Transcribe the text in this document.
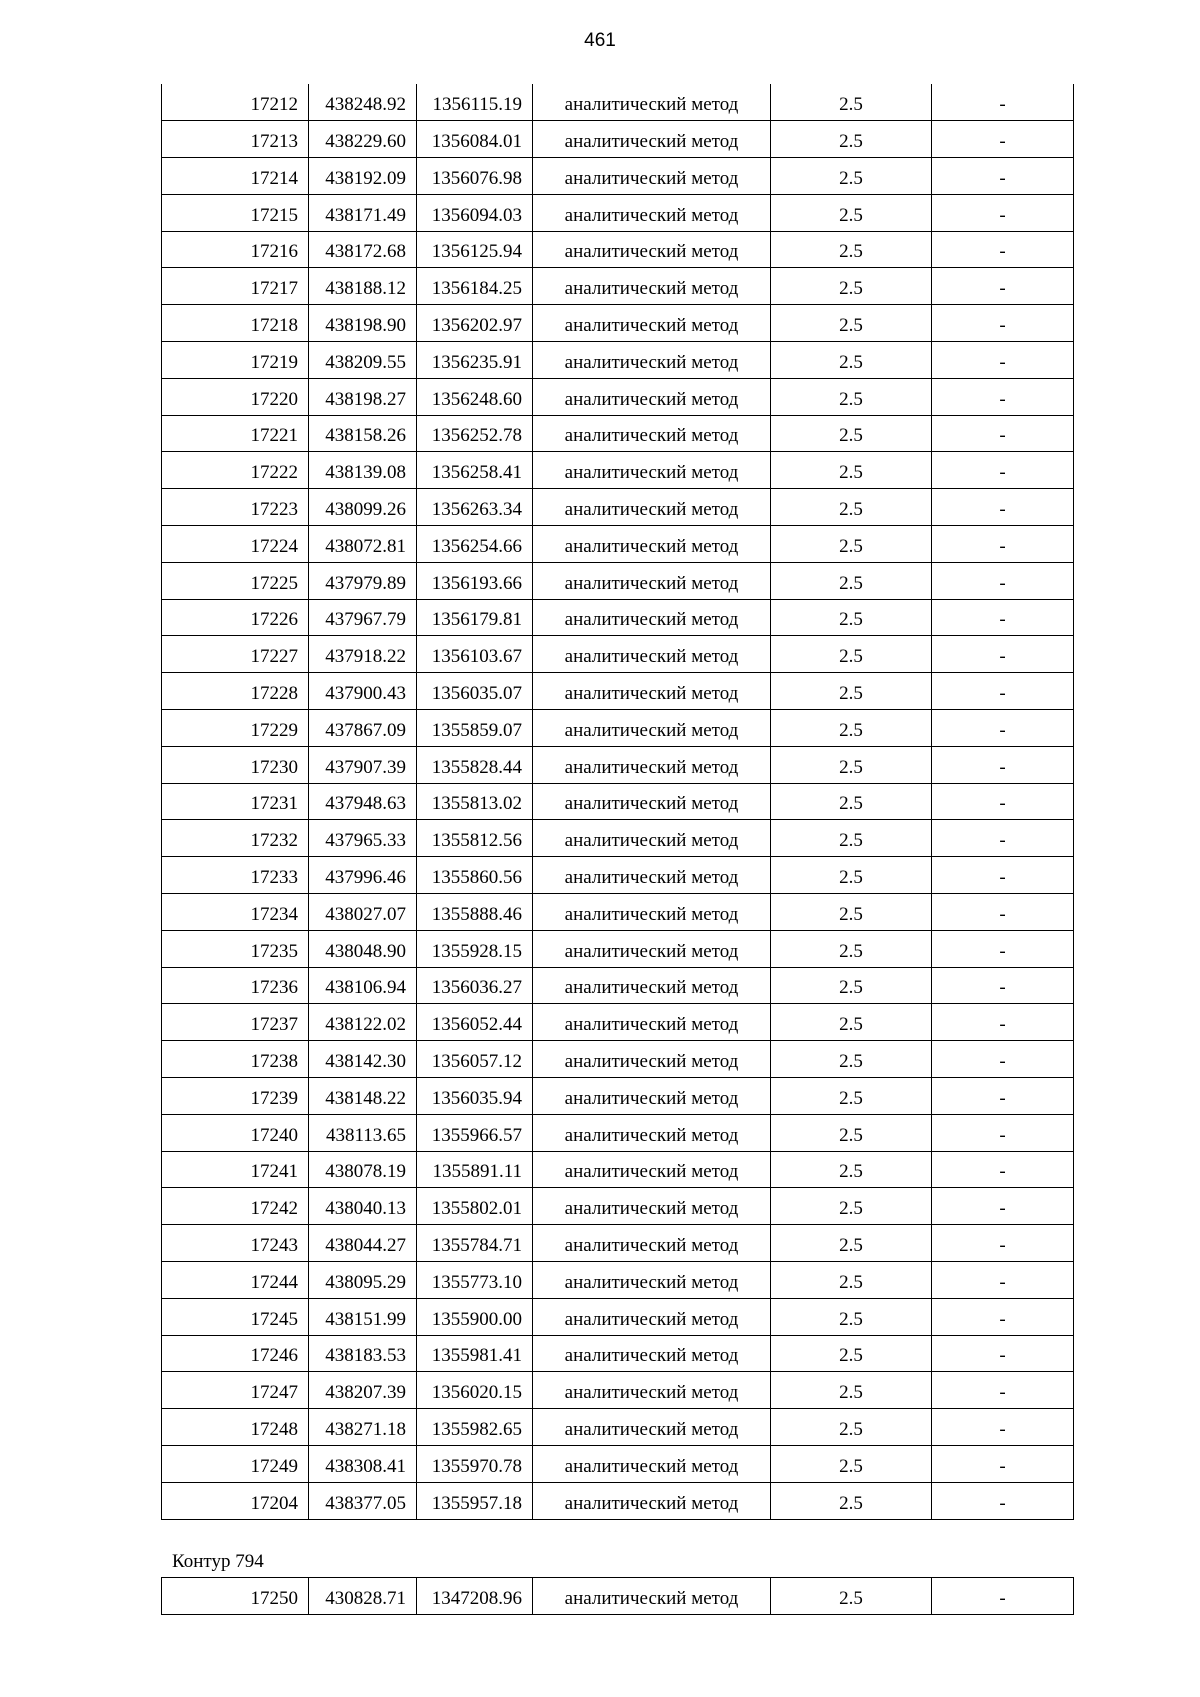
461
17212	438248.92	1356115.19	аналитический метод	2.5	-
17213	438229.60	1356084.01	аналитический метод	2.5	-
17214	438192.09	1356076.98	аналитический метод	2.5	-
17215	438171.49	1356094.03	аналитический метод	2.5	-
17216	438172.68	1356125.94	аналитический метод	2.5	-
17217	438188.12	1356184.25	аналитический метод	2.5	-
17218	438198.90	1356202.97	аналитический метод	2.5	-
17219	438209.55	1356235.91	аналитический метод	2.5	-
17220	438198.27	1356248.60	аналитический метод	2.5	-
17221	438158.26	1356252.78	аналитический метод	2.5	-
17222	438139.08	1356258.41	аналитический метод	2.5	-
17223	438099.26	1356263.34	аналитический метод	2.5	-
17224	438072.81	1356254.66	аналитический метод	2.5	-
17225	437979.89	1356193.66	аналитический метод	2.5	-
17226	437967.79	1356179.81	аналитический метод	2.5	-
17227	437918.22	1356103.67	аналитический метод	2.5	-
17228	437900.43	1356035.07	аналитический метод	2.5	-
17229	437867.09	1355859.07	аналитический метод	2.5	-
17230	437907.39	1355828.44	аналитический метод	2.5	-
17231	437948.63	1355813.02	аналитический метод	2.5	-
17232	437965.33	1355812.56	аналитический метод	2.5	-
17233	437996.46	1355860.56	аналитический метод	2.5	-
17234	438027.07	1355888.46	аналитический метод	2.5	-
17235	438048.90	1355928.15	аналитический метод	2.5	-
17236	438106.94	1356036.27	аналитический метод	2.5	-
17237	438122.02	1356052.44	аналитический метод	2.5	-
17238	438142.30	1356057.12	аналитический метод	2.5	-
17239	438148.22	1356035.94	аналитический метод	2.5	-
17240	438113.65	1355966.57	аналитический метод	2.5	-
17241	438078.19	1355891.11	аналитический метод	2.5	-
17242	438040.13	1355802.01	аналитический метод	2.5	-
17243	438044.27	1355784.71	аналитический метод	2.5	-
17244	438095.29	1355773.10	аналитический метод	2.5	-
17245	438151.99	1355900.00	аналитический метод	2.5	-
17246	438183.53	1355981.41	аналитический метод	2.5	-
17247	438207.39	1356020.15	аналитический метод	2.5	-
17248	438271.18	1355982.65	аналитический метод	2.5	-
17249	438308.41	1355970.78	аналитический метод	2.5	-
17204	438377.05	1355957.18	аналитический метод	2.5	-
Контур 794
17250	430828.71	1347208.96	аналитический метод	2.5	-
